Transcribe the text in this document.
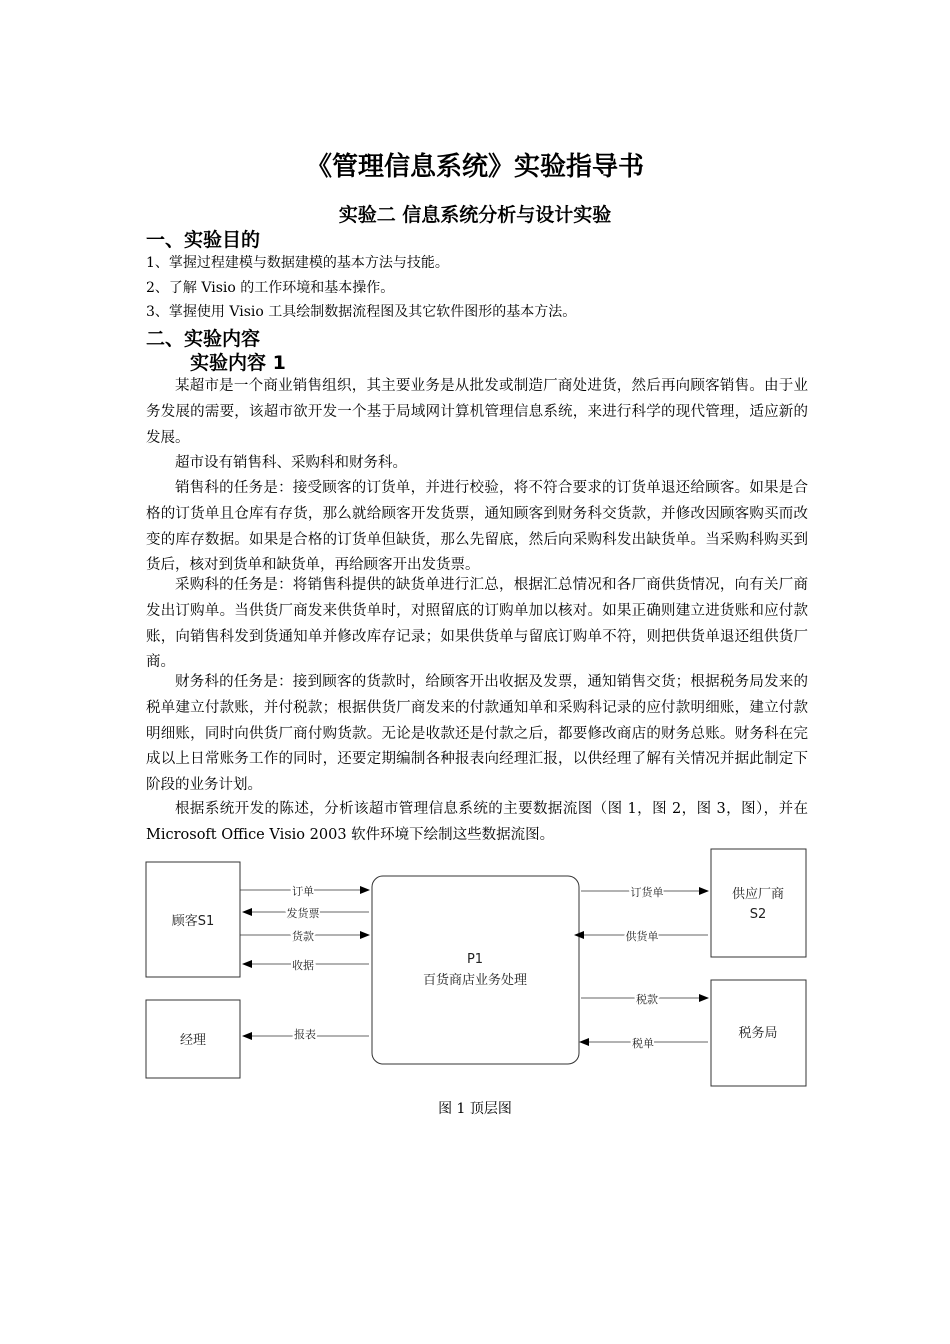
《管理信息系统》实验指导书
实验二 信息系统分析与设计实验
一、实验目的
1、掌握过程建模与数据建模的基本方法与技能。
2、了解 Visio 的工作环境和基本操作。
3、掌握使用 Visio 工具绘制数据流程图及其它软件图形的基本方法。
二、实验内容
实验内容 1

某超市是一个商业销售组织，其主要业务是从批发或制造厂商处进货，然后再向顾客销售。由于业务发展的需要，该超市欲开发一个基于局域网计算机管理信息系统，来进行科学的现代管理，适应新的发展。

超市设有销售科、采购科和财务科。

销售科的任务是：接受顾客的订货单，并进行校验，将不符合要求的订货单退还给顾客。如果是合格的订货单且仓库有存货，那么就给顾客开发货票，通知顾客到财务科交货款，并修改因顾客购买而改变的库存数据。如果是合格的订货单但缺货，那么先留底，然后向采购科发出缺货单。当采购科购买到货后，核对到货单和缺货单，再给顾客开出发货票。

采购科的任务是：将销售科提供的缺货单进行汇总，根据汇总情况和各厂商供货情况，向有关厂商发出订购单。当供货厂商发来供货单时，对照留底的订购单加以核对。如果正确则建立进货账和应付款账，向销售科发到货通知单并修改库存记录；如果供货单与留底订购单不符，则把供货单退还组供货厂商。

财务科的任务是：接到顾客的货款时，给顾客开出收据及发票，通知销售交货；根据税务局发来的税单建立付款账，并付税款；根据供货厂商发来的付款通知单和采购科记录的应付款明细账，建立付款明细账，同时向供货厂商付购货款。无论是收款还是付款之后，都要修改商店的财务总账。财务科在完成以上日常账务工作的同时，还要定期编制各种报表向经理汇报，以供经理了解有关情况并据此制定下阶段的业务计划。

根据系统开发的陈述，分析该超市管理信息系统的主要数据流图（图 1，图 2，图 3，图），并在 Microsoft Office Visio 2003 软件环境下绘制这些数据流图。

顾客S1
经理
供应厂商
S2
税务局
P1
百货商店业务处理
订单
发货票
货款
收据
报表
订货单
供货单
税款
税单
图 1 顶层图
